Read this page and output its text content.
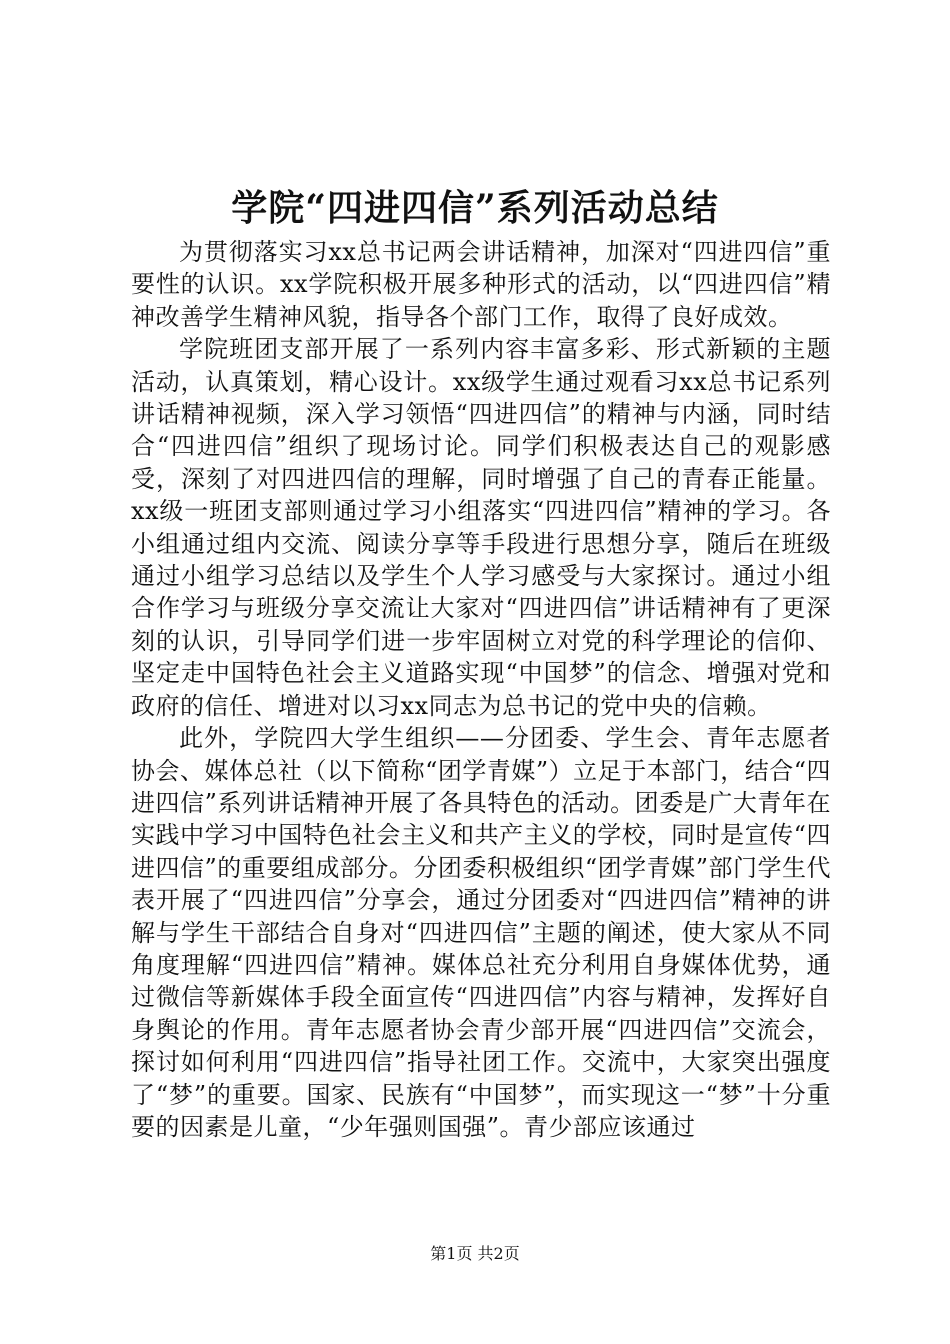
学院“四进四信”系列活动总结

为贯彻落实习xx总书记两会讲话精神，加深对“四进四信”重要性的认识。xx学院积极开展多种形式的活动，以“四进四信”精神改善学生精神风貌，指导各个部门工作，取得了良好成效。

学院班团支部开展了一系列内容丰富多彩、形式新颖的主题活动，认真策划，精心设计。xx级学生通过观看习xx总书记系列讲话精神视频，深入学习领悟“四进四信”的精神与内涵，同时结合“四进四信”组织了现场讨论。同学们积极表达自己的观影感受，深刻了对四进四信的理解，同时增强了自己的青春正能量。xx级一班团支部则通过学习小组落实“四进四信”精神的学习。各小组通过组内交流、阅读分享等手段进行思想分享，随后在班级通过小组学习总结以及学生个人学习感受与大家探讨。通过小组合作学习与班级分享交流让大家对“四进四信”讲话精神有了更深刻的认识，引导同学们进一步牢固树立对党的科学理论的信仰、坚定走中国特色社会主义道路实现“中国梦”的信念、增强对党和政府的信任、增进对以习xx同志为总书记的党中央的信赖。

此外，学院四大学生组织——分团委、学生会、青年志愿者协会、媒体总社（以下简称“团学青媒”）立足于本部门，结合“四进四信”系列讲话精神开展了各具特色的活动。团委是广大青年在实践中学习中国特色社会主义和共产主义的学校，同时是宣传“四进四信”的重要组成部分。分团委积极组织“团学青媒”部门学生代表开展了“四进四信”分享会，通过分团委对“四进四信”精神的讲解与学生干部结合自身对“四进四信”主题的阐述，使大家从不同角度理解“四进四信”精神。媒体总社充分利用自身媒体优势，通过微信等新媒体手段全面宣传“四进四信”内容与精神，发挥好自身舆论的作用。青年志愿者协会青少部开展“四进四信”交流会，探讨如何利用“四进四信”指导社团工作。交流中，大家突出强度了“梦”的重要。国家、民族有“中国梦”，而实现这一“梦”十分重要的因素是儿童，“少年强则国强”。青少部应该通过

第1页 共2页
